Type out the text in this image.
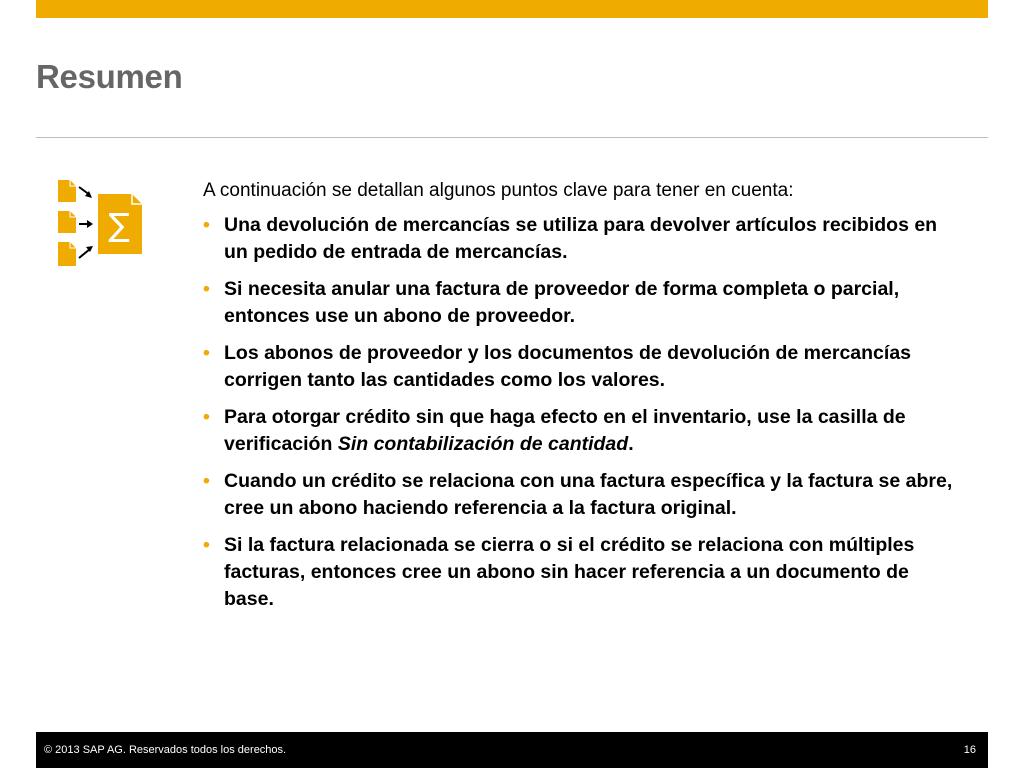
Resumen
∑

A continuación se detallan algunos puntos clave para tener en cuenta:

• Una devolución de mercancías se utiliza para devolver artículos recibidos en un pedido de entrada de mercancías.
• Si necesita anular una factura de proveedor de forma completa o parcial, entonces use un abono de proveedor.
• Los abonos de proveedor y los documentos de devolución de mercancías corrigen tanto las cantidades como los valores.
• Para otorgar crédito sin que haga efecto en el inventario, use la casilla de verificación Sin contabilización de cantidad.
• Cuando un crédito se relaciona con una factura específica y la factura se abre, cree un abono haciendo referencia a la factura original.
• Si la factura relacionada se cierra o si el crédito se relaciona con múltiples facturas, entonces cree un abono sin hacer referencia a un documento de base.
© 2013 SAP AG. Reservados todos los derechos.	16
